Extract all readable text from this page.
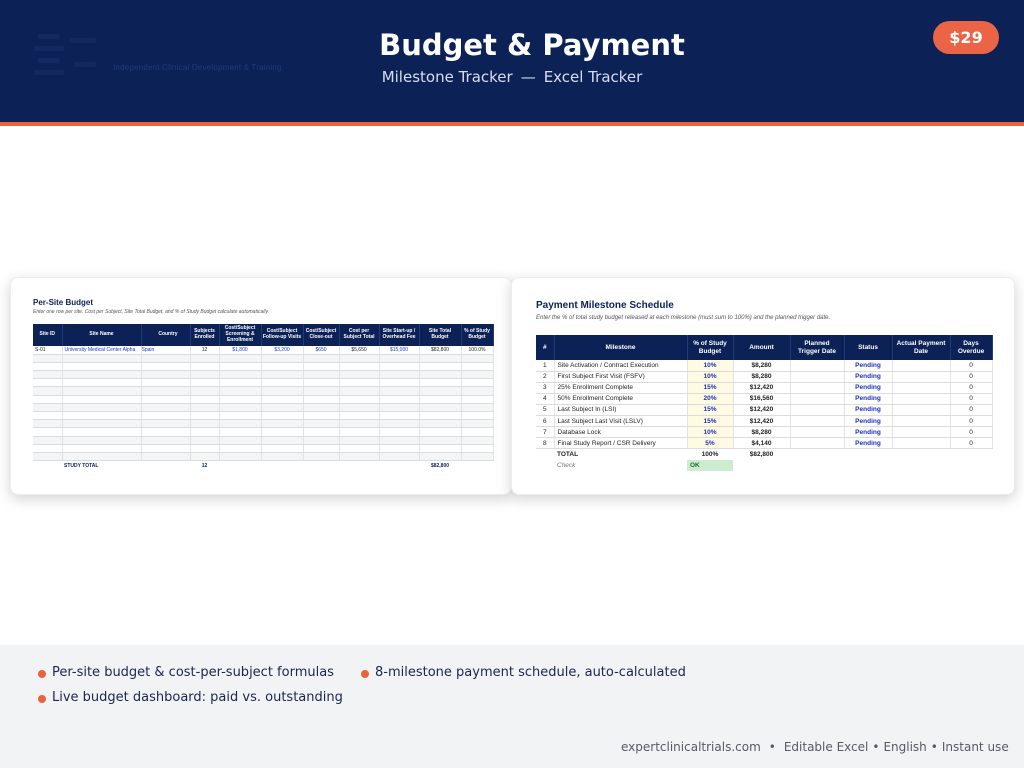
Independent Clinical Development & Training
Budget & Payment
Milestone Tracker — Excel Tracker
$29
Per-Site Budget
Enter one row per site. Cost per Subject, Site Total Budget, and % of Study Budget calculate automatically.
Site ID	Site Name	Country	Subjects Enrolled	Cost/Subject Screening & Enrollment	Cost/Subject Follow-up Visits	Cost/Subject Close-out	Cost per Subject Total	Site Start-up / Overhead Fee	Site Total Budget	% of Study Budget
S-01	University Medical Center Alpha	Spain	12	$1,800	$3,200	$650	$5,650	$15,000	$82,800	100.0%

	STUDY TOTAL		12						$82,800	
Payment Milestone Schedule
Enter the % of total study budget released at each milestone (must sum to 100%) and the planned trigger date.
#	Milestone	% of Study Budget	Amount	Planned Trigger Date	Status	Actual Payment Date	Days Overdue
1	Site Activation / Contract Execution	10%	$8,280		Pending		0
2	First Subject First Visit (FSFV)	10%	$8,280		Pending		0
3	25% Enrollment Complete	15%	$12,420		Pending		0
4	50% Enrollment Complete	20%	$16,560		Pending		0
5	Last Subject In (LSI)	15%	$12,420		Pending		0
6	Last Subject Last Visit (LSLV)	15%	$12,420		Pending		0
7	Database Lock	10%	$8,280		Pending		0
8	Final Study Report / CSR Delivery	5%	$4,140		Pending		0
	TOTAL	100%	$82,800				
	Check	OK					
Per-site budget & cost-per-subject formulas	8-milestone payment schedule, auto-calculated
Live budget dashboard: paid vs. outstanding
expertclinicaltrials.com • Editable Excel • English • Instant use
